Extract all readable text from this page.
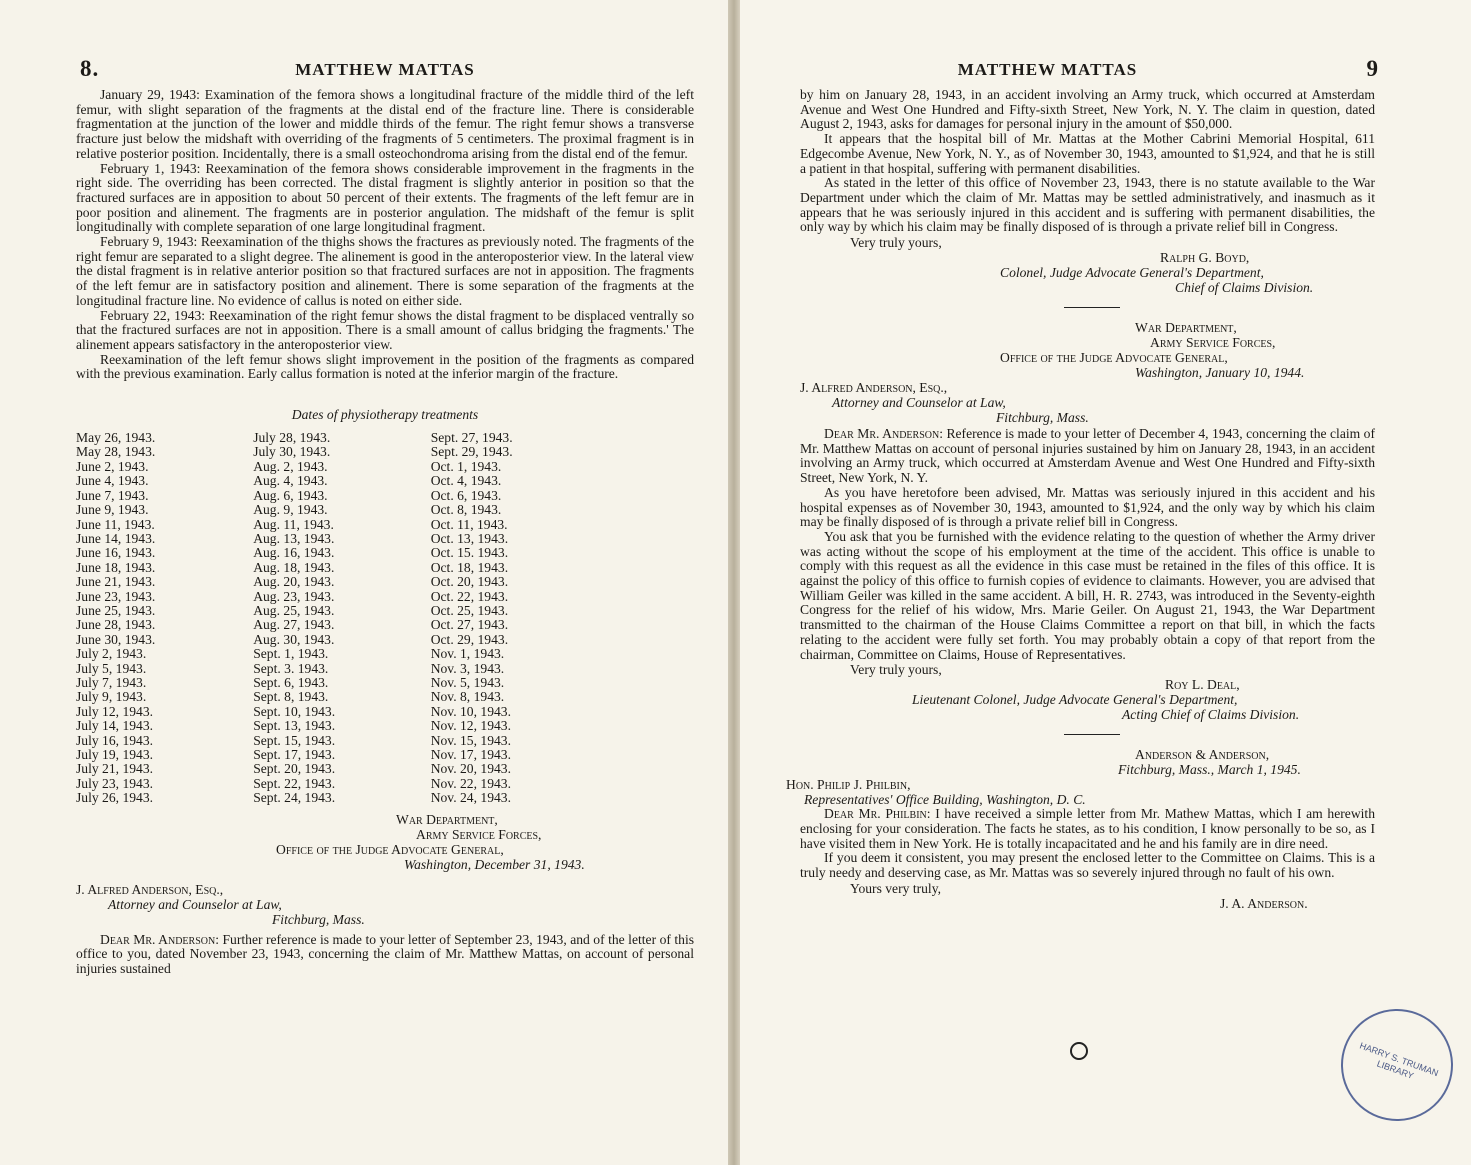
8.	MATTHEW MATTAS

January 29, 1943: Examination of the femora shows a longitudinal fracture of the middle third of the left femur, with slight separation of the fragments at the distal end of the fracture line. There is considerable fragmentation at the junction of the lower and middle thirds of the femur. The right femur shows a transverse fracture just below the midshaft with overriding of the fragments of 5 centimeters. The proximal fragment is in relative posterior position. Incidentally, there is a small osteochondroma arising from the distal end of the femur.

February 1, 1943: Reexamination of the femora shows considerable improvement in the fragments in the right side. The overriding has been corrected. The distal fragment is slightly anterior in position so that the fractured surfaces are in apposition to about 50 percent of their extents. The fragments of the left femur are in poor position and alinement. The fragments are in posterior angulation. The midshaft of the femur is split longitudinally with complete separation of one large longitudinal fragment.

February 9, 1943: Reexamination of the thighs shows the fractures as previously noted. The fragments of the right femur are separated to a slight degree. The alinement is good in the anteroposterior view. In the lateral view the distal fragment is in relative anterior position so that fractured surfaces are not in apposition. The fragments of the left femur are in satisfactory position and alinement. There is some separation of the fragments at the longitudinal fracture line. No evidence of callus is noted on either side.

February 22, 1943: Reexamination of the right femur shows the distal fragment to be displaced ventrally so that the fractured surfaces are not in apposition. There is a small amount of callus bridging the fragments.' The alinement appears satisfactory in the anteroposterior view.

Reexamination of the left femur shows slight improvement in the position of the fragments as compared with the previous examination. Early callus formation is noted at the inferior margin of the fracture.

Dates of physiotherapy treatments
May 26, 1943.	July 28, 1943.	Sept. 27, 1943.
May 28, 1943.	July 30, 1943.	Sept. 29, 1943.
June 2, 1943.	Aug. 2, 1943.	Oct. 1, 1943.
June 4, 1943.	Aug. 4, 1943.	Oct. 4, 1943.
June 7, 1943.	Aug. 6, 1943.	Oct. 6, 1943.
June 9, 1943.	Aug. 9, 1943.	Oct. 8, 1943.
June 11, 1943.	Aug. 11, 1943.	Oct. 11, 1943.
June 14, 1943.	Aug. 13, 1943.	Oct. 13, 1943.
June 16, 1943.	Aug. 16, 1943.	Oct. 15. 1943.
June 18, 1943.	Aug. 18, 1943.	Oct. 18, 1943.
June 21, 1943.	Aug. 20, 1943.	Oct. 20, 1943.
June 23, 1943.	Aug. 23, 1943.	Oct. 22, 1943.
June 25, 1943.	Aug. 25, 1943.	Oct. 25, 1943.
June 28, 1943.	Aug. 27, 1943.	Oct. 27, 1943.
June 30, 1943.	Aug. 30, 1943.	Oct. 29, 1943.
July 2, 1943.	Sept. 1, 1943.	Nov. 1, 1943.
July 5, 1943.	Sept. 3. 1943.	Nov. 3, 1943.
July 7, 1943.	Sept. 6, 1943.	Nov. 5, 1943.
July 9, 1943.	Sept. 8, 1943.	Nov. 8, 1943.
July 12, 1943.	Sept. 10, 1943.	Nov. 10, 1943.
July 14, 1943.	Sept. 13, 1943.	Nov. 12, 1943.
July 16, 1943.	Sept. 15, 1943.	Nov. 15, 1943.
July 19, 1943.	Sept. 17, 1943.	Nov. 17, 1943.
July 21, 1943.	Sept. 20, 1943.	Nov. 20, 1943.
July 23, 1943.	Sept. 22, 1943.	Nov. 22, 1943.
July 26, 1943.	Sept. 24, 1943.	Nov. 24, 1943.
War Department,
Army Service Forces,
Office of the Judge Advocate General,
Washington, December 31, 1943.
J. Alfred Anderson, Esq.,
Attorney and Counselor at Law,
Fitchburg, Mass.

Dear Mr. Anderson: Further reference is made to your letter of September 23, 1943, and of the letter of this office to you, dated November 23, 1943, concerning the claim of Mr. Matthew Mattas, on account of personal injuries sustained

MATTHEW MATTAS	9

by him on January 28, 1943, in an accident involving an Army truck, which occurred at Amsterdam Avenue and West One Hundred and Fifty-sixth Street, New York, N. Y. The claim in question, dated August 2, 1943, asks for damages for personal injury in the amount of $50,000.

It appears that the hospital bill of Mr. Mattas at the Mother Cabrini Memorial Hospital, 611 Edgecombe Avenue, New York, N. Y., as of November 30, 1943, amounted to $1,924, and that he is still a patient in that hospital, suffering with permanent disabilities.

As stated in the letter of this office of November 23, 1943, there is no statute available to the War Department under which the claim of Mr. Mattas may be settled administratively, and inasmuch as it appears that he was seriously injured in this accident and is suffering with permanent disabilities, the only way by which his claim may be finally disposed of is through a private relief bill in Congress.

Very truly yours,
Ralph G. Boyd,
Colonel, Judge Advocate General's Department,
Chief of Claims Division.
War Department,
Army Service Forces,
Office of the Judge Advocate General,
Washington, January 10, 1944.
J. Alfred Anderson, Esq.,
Attorney and Counselor at Law,
Fitchburg, Mass.

Dear Mr. Anderson: Reference is made to your letter of December 4, 1943, concerning the claim of Mr. Matthew Mattas on account of personal injuries sustained by him on January 28, 1943, in an accident involving an Army truck, which occurred at Amsterdam Avenue and West One Hundred and Fifty-sixth Street, New York, N. Y.

As you have heretofore been advised, Mr. Mattas was seriously injured in this accident and his hospital expenses as of November 30, 1943, amounted to $1,924, and the only way by which his claim may be finally disposed of is through a private relief bill in Congress.

You ask that you be furnished with the evidence relating to the question of whether the Army driver was acting without the scope of his employment at the time of the accident. This office is unable to comply with this request as all the evidence in this case must be retained in the files of this office. It is against the policy of this office to furnish copies of evidence to claimants. However, you are advised that William Geiler was killed in the same accident. A bill, H. R. 2743, was introduced in the Seventy-eighth Congress for the relief of his widow, Mrs. Marie Geiler. On August 21, 1943, the War Department transmitted to the chairman of the House Claims Committee a report on that bill, in which the facts relating to the accident were fully set forth. You may probably obtain a copy of that report from the chairman, Committee on Claims, House of Representatives.

Very truly yours,
Roy L. Deal,
Lieutenant Colonel, Judge Advocate General's Department,
Acting Chief of Claims Division.
Anderson & Anderson,
Fitchburg, Mass., March 1, 1945.
Hon. Philip J. Philbin,
Representatives' Office Building, Washington, D. C.

Dear Mr. Philbin: I have received a simple letter from Mr. Mathew Mattas, which I am herewith enclosing for your consideration. The facts he states, as to his condition, I know personally to be so, as I have visited them in New York. He is totally incapacitated and he and his family are in dire need.

If you deem it consistent, you may present the enclosed letter to the Committee on Claims. This is a truly needy and deserving case, as Mr. Mattas was so severely injured through no fault of his own.

Yours very truly,
J. A. Anderson.
HARRY S. TRUMAN LIBRARY
